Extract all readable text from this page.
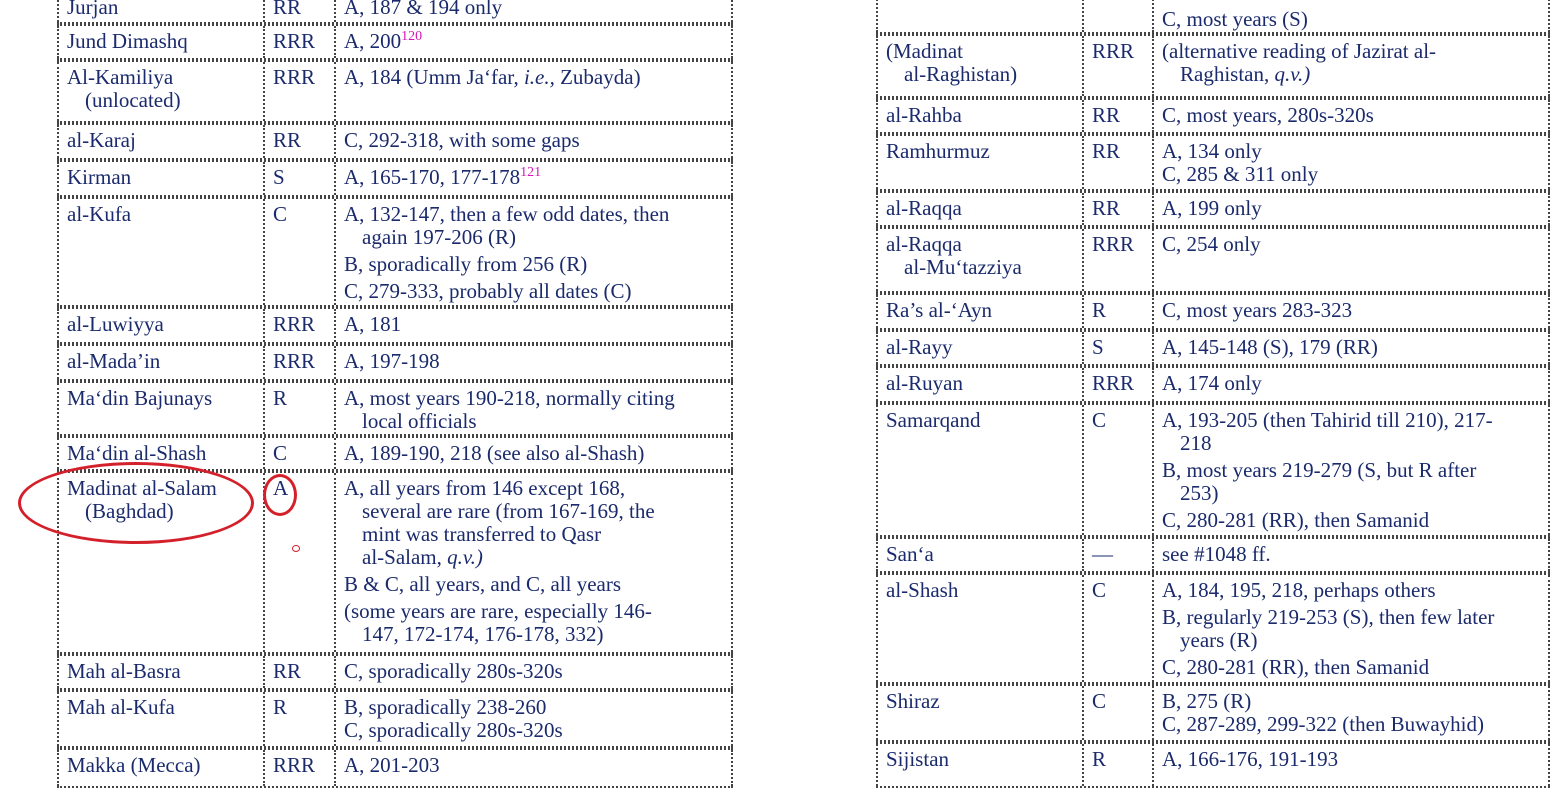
Jurjan	RR	A, 187 & 194 only
Jund Dimashq	RRR	A, $200^{120}$
Al-Kamiliya
(unlocated)
RRR	A, 184 (Umm Ja‘far, i.e., Zubayda)
al-Karaj	RR	C, 292-318, with some gaps
Kirman	S	A, 165-170, $177-178^{121}$
al-Kufa	C	A, 132-147, then a few odd dates, then
again 197-206 (R)
B, sporadically from 256 (R)
C, 279-333, probably all dates (C)
al-Luwiyya	RRR	A, 181
al-Mada’in	RRR	A, 197-198
Ma‘din Bajunays	R	A, most years 190-218, normally citing
local officials
Ma‘din al-Shash	C	A, 189-190, 218 (see also al-Shash)
Madinat al-Salam
(Baghdad)
A	A, all years from 146 except 168,
several are rare (from 167-169, the
mint was transferred to Qasr
al-Salam, q.v.)
B & C, all years, and C, all years
(some years are rare, especially 146-
147, 172-174, 176-178, 332)
Mah al-Basra	RR	C, sporadically 280s-320s
Mah al-Kufa	R	B, sporadically 238-260
C, sporadically 280s-320s
Makka (Mecca)	RRR	A, 201-203
C, most years (S)
(Madinat
al-Raghistan)
RRR	(alternative reading of Jazirat al-
Raghistan, q.v.)
al-Rahba	RR	C, most years, 280s-320s
Ramhurmuz	RR	A, 134 only
C, 285 & 311 only
al-Raqqa	RR	A, 199 only
al-Raqqa
al-Mu‘tazziya
RRR	C, 254 only
Ra’s al-‘Ayn	R	C, most years 283-323
al-Rayy	S	A, 145-148 (S), 179 (RR)
al-Ruyan	RRR	A, 174 only
Samarqand	C	A, 193-205 (then Tahirid till 210), 217-
218
B, most years 219-279 (S, but R after
253)
C, 280-281 (RR), then Samanid
San‘a	—	see #1048 ff.
al-Shash	C	A, 184, 195, 218, perhaps others
B, regularly 219-253 (S), then few later
years (R)
C, 280-281 (RR), then Samanid
Shiraz	C	B, 275 (R)
C, 287-289, 299-322 (then Buwayhid)
Sijistan	R	A, 166-176, 191-193
